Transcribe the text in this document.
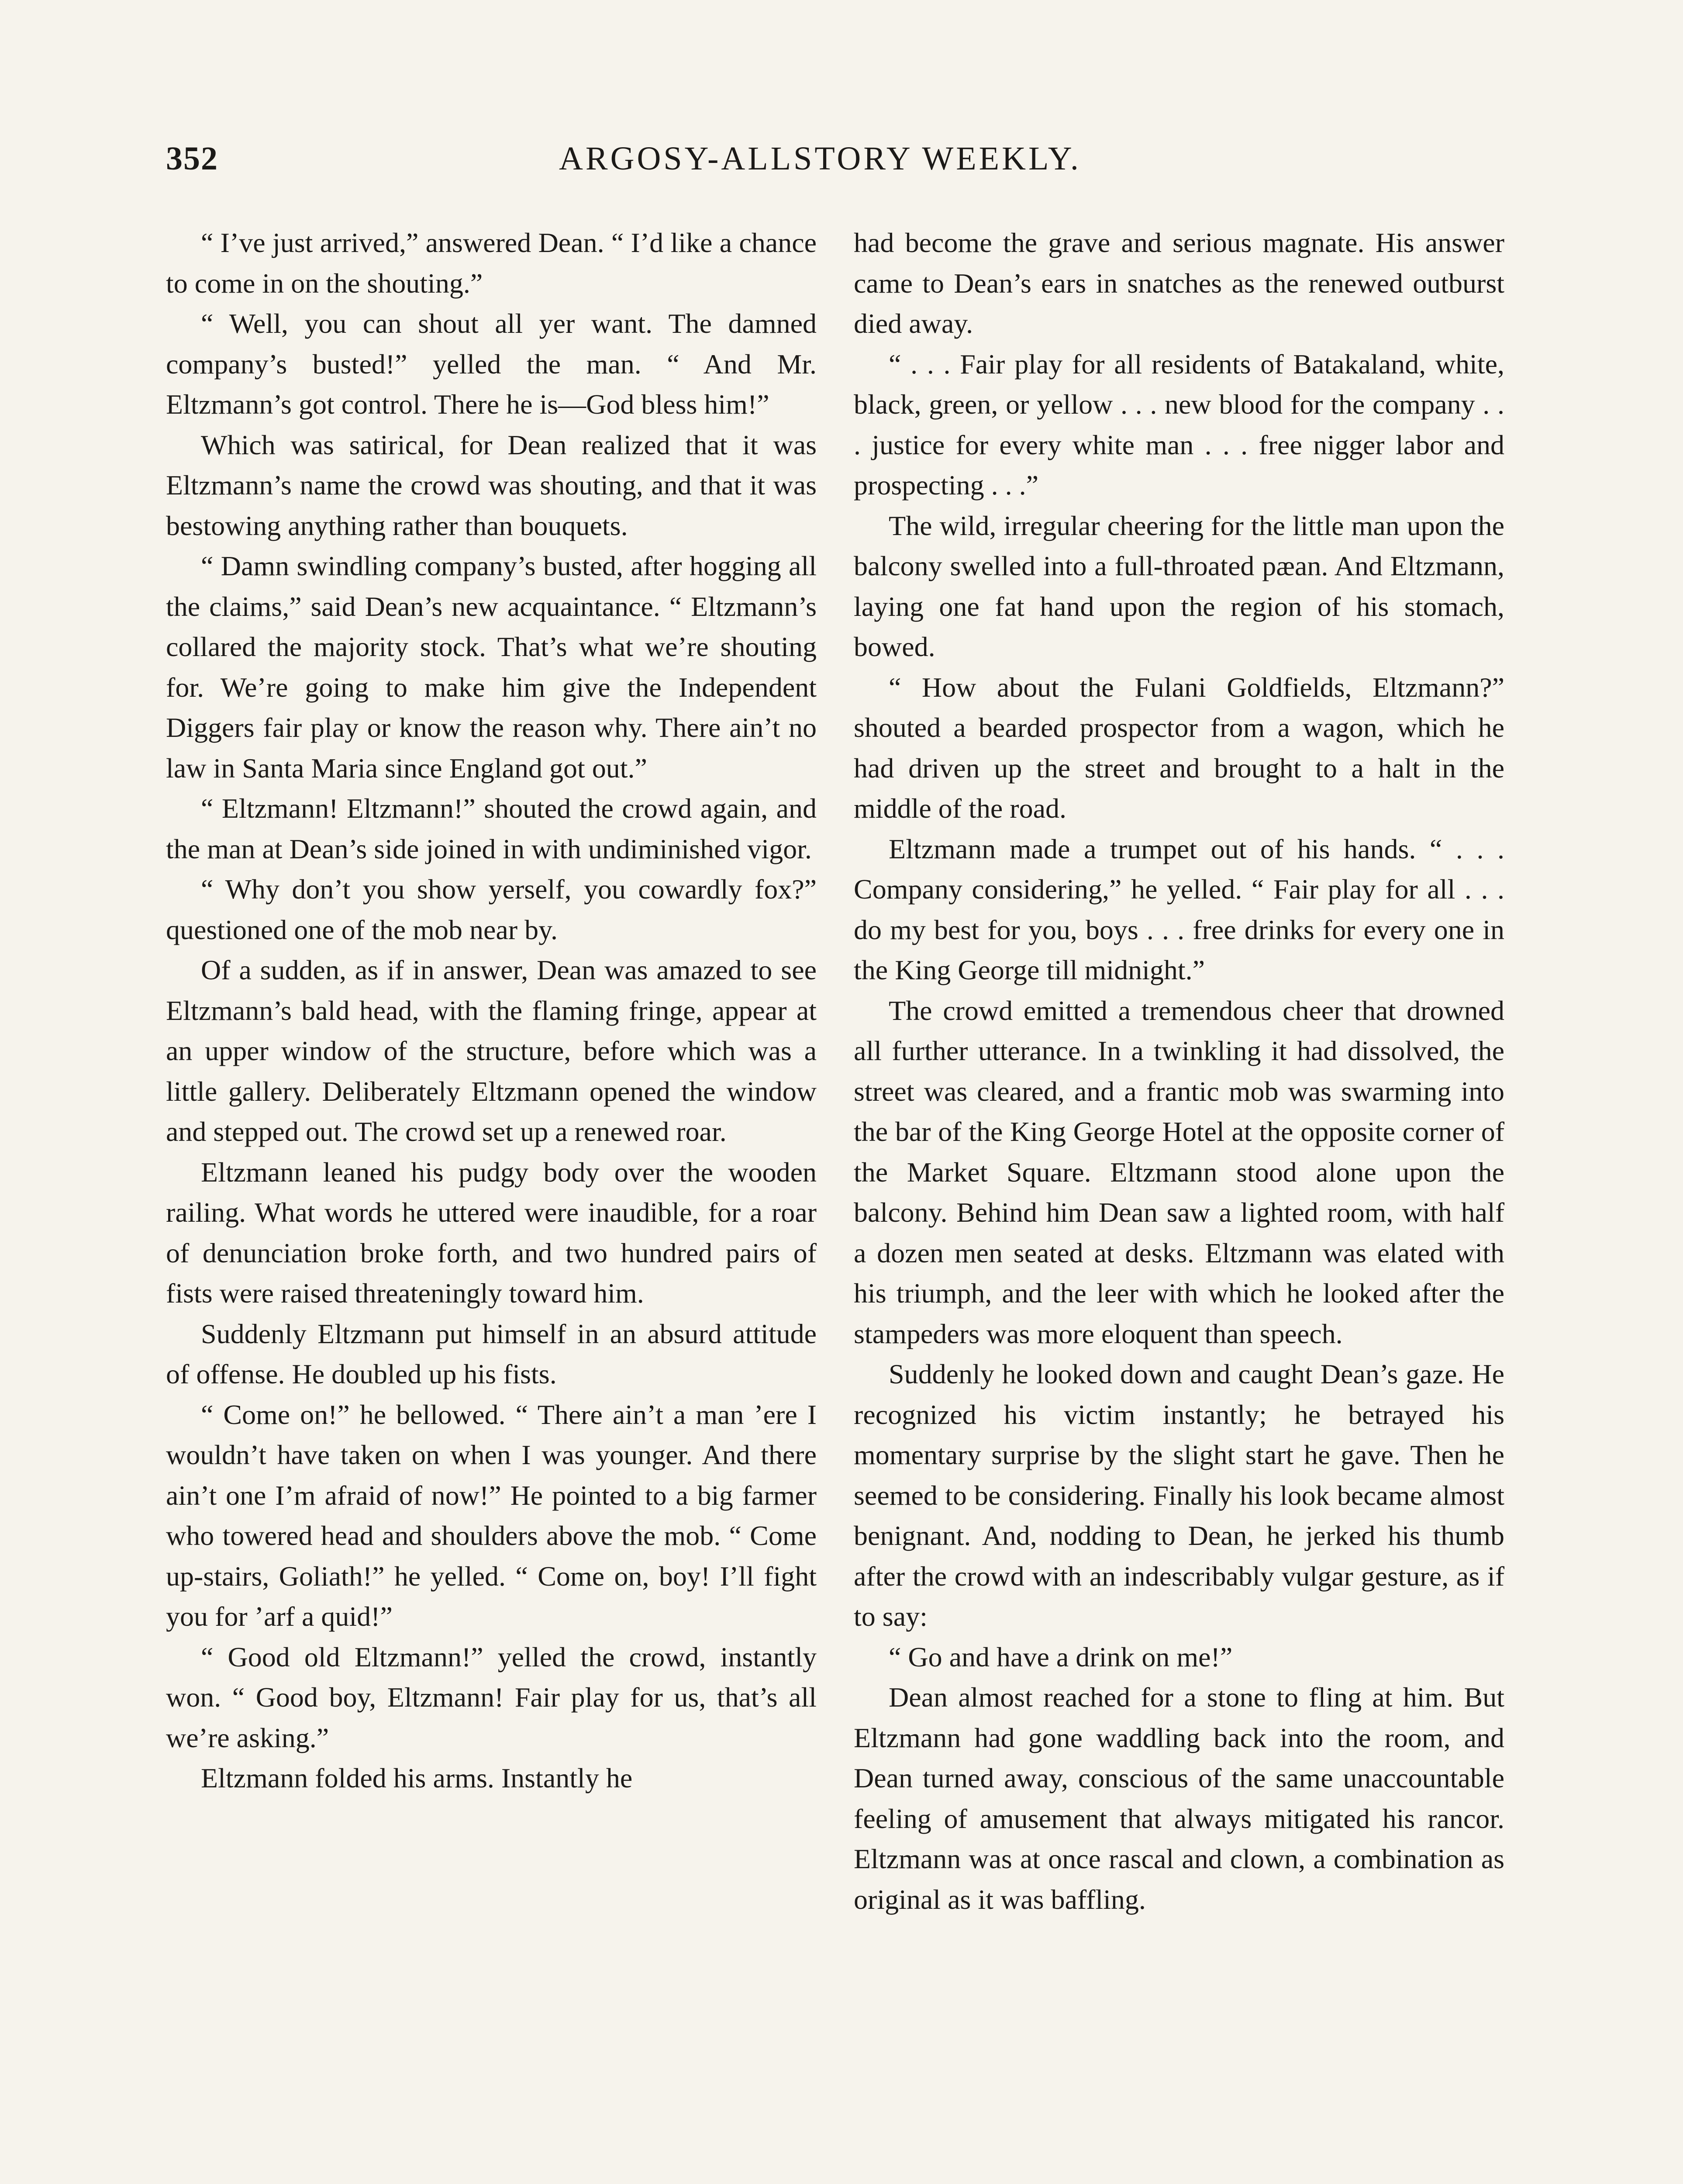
352	ARGOSY-ALLSTORY WEEKLY.

“ I’ve just arrived,” answered Dean. “ I’d like a chance to come in on the shouting.”

“ Well, you can shout all yer want. The damned company’s busted!” yelled the man. “ And Mr. Eltzmann’s got control. There he is—God bless him!”

Which was satirical, for Dean realized that it was Eltzmann’s name the crowd was shouting, and that it was bestowing anything rather than bouquets.

“ Damn swindling company’s busted, after hogging all the claims,” said Dean’s new acquaintance. “ Eltzmann’s collared the majority stock. That’s what we’re shouting for. We’re going to make him give the Independent Diggers fair play or know the reason why. There ain’t no law in Santa Maria since England got out.”

“ Eltzmann! Eltzmann!” shouted the crowd again, and the man at Dean’s side joined in with undiminished vigor.

“ Why don’t you show yerself, you cowardly fox?” questioned one of the mob near by.

Of a sudden, as if in answer, Dean was amazed to see Eltzmann’s bald head, with the flaming fringe, appear at an upper window of the structure, before which was a little gallery. Deliberately Eltzmann opened the window and stepped out. The crowd set up a renewed roar.

Eltzmann leaned his pudgy body over the wooden railing. What words he uttered were inaudible, for a roar of denunciation broke forth, and two hundred pairs of fists were raised threateningly toward him.

Suddenly Eltzmann put himself in an absurd attitude of offense. He doubled up his fists.

“ Come on!” he bellowed. “ There ain’t a man ’ere I wouldn’t have taken on when I was younger. And there ain’t one I’m afraid of now!” He pointed to a big farmer who towered head and shoulders above the mob. “ Come up-stairs, Goliath!” he yelled. “ Come on, boy! I’ll fight you for ’arf a quid!”

“ Good old Eltzmann!” yelled the crowd, instantly won. “ Good boy, Eltzmann! Fair play for us, that’s all we’re asking.”

Eltzmann folded his arms. Instantly he

had become the grave and serious magnate. His answer came to Dean’s ears in snatches as the renewed outburst died away.

“ . . . Fair play for all residents of Batakaland, white, black, green, or yellow . . . new blood for the company . . . justice for every white man . . . free nigger labor and prospecting . . .”

The wild, irregular cheering for the little man upon the balcony swelled into a full-throated pæan. And Eltzmann, laying one fat hand upon the region of his stomach, bowed.

“ How about the Fulani Goldfields, Eltzmann?” shouted a bearded prospector from a wagon, which he had driven up the street and brought to a halt in the middle of the road.

Eltzmann made a trumpet out of his hands. “ . . . Company considering,” he yelled. “ Fair play for all . . . do my best for you, boys . . . free drinks for every one in the King George till midnight.”

The crowd emitted a tremendous cheer that drowned all further utterance. In a twinkling it had dissolved, the street was cleared, and a frantic mob was swarming into the bar of the King George Hotel at the opposite corner of the Market Square. Eltzmann stood alone upon the balcony. Behind him Dean saw a lighted room, with half a dozen men seated at desks. Eltzmann was elated with his triumph, and the leer with which he looked after the stampeders was more eloquent than speech.

Suddenly he looked down and caught Dean’s gaze. He recognized his victim instantly; he betrayed his momentary surprise by the slight start he gave. Then he seemed to be considering. Finally his look became almost benignant. And, nodding to Dean, he jerked his thumb after the crowd with an indescribably vulgar gesture, as if to say:

“ Go and have a drink on me!”

Dean almost reached for a stone to fling at him. But Eltzmann had gone waddling back into the room, and Dean turned away, conscious of the same unaccountable feeling of amusement that always mitigated his rancor. Eltzmann was at once rascal and clown, a combination as original as it was baffling.
